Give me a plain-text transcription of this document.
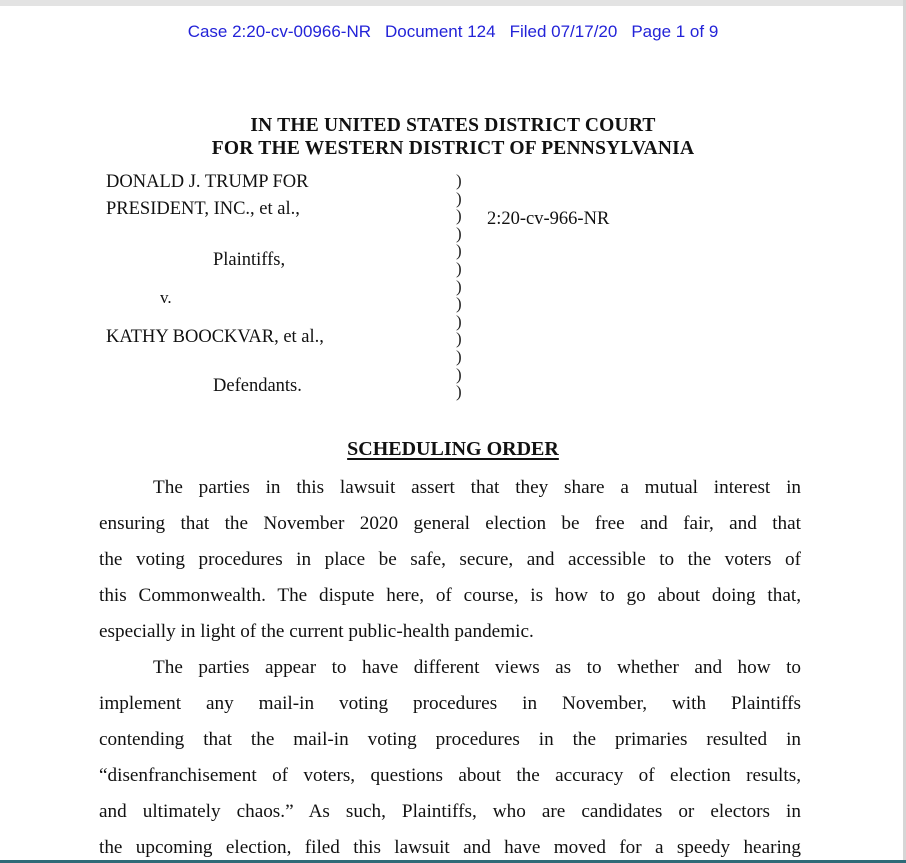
Case 2:20-cv-00966-NR Document 124 Filed 07/17/20 Page 1 of 9
IN THE UNITED STATES DISTRICT COURT
FOR THE WESTERN DISTRICT OF PENNSYLVANIA
DONALD J. TRUMP FOR
PRESIDENT, INC., et al.,
Plaintiffs,
v.
KATHY BOOCKVAR, et al.,
Defendants.
2:20-cv-966-NR
)
)
)
)
)
)
)
)
)
)
)
)
)
SCHEDULING ORDER
The parties in this lawsuit assert that they share a mutual interest in
ensuring that the November 2020 general election be free and fair, and that
the voting procedures in place be safe, secure, and accessible to the voters of
this Commonwealth. The dispute here, of course, is how to go about doing that,
especially in light of the current public-health pandemic.
The parties appear to have different views as to whether and how to
implement any mail-in voting procedures in November, with Plaintiffs
contending that the mail-in voting procedures in the primaries resulted in
“disenfranchisement of voters, questions about the accuracy of election results,
and ultimately chaos.” As such, Plaintiffs, who are candidates or electors in
the upcoming election, filed this lawsuit and have moved for a speedy hearing
